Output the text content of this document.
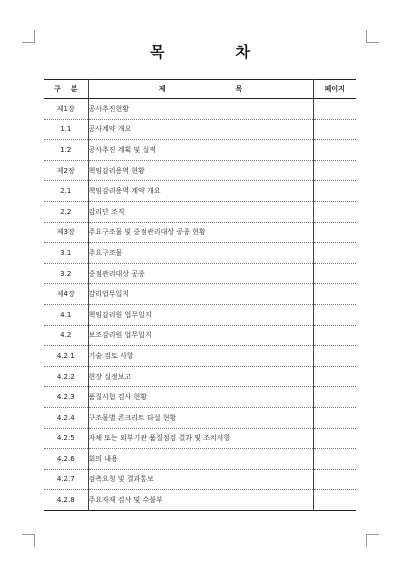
목	차
구 분	제 목	페이지
제1장	공사추진현황	
1.1	공사계약 개요	
1.2	공사추진 계획 및 실적	
제2장	책임감리용역 현황	
2.1	책임감리용역 계약 개요	
2.2	감리단 조직	
제3장	주요구조물 및 중점관리대상 공종 현황	
3.1	주요구조물	
3.2	중점관리대상 공종	
제4장	감리업무일지	
4.1	책임감리원 업무일지	
4.2	보조감리원 업무일지	
4.2.1	기술 검토 사항	
4.2.2	현장 실정보고	
4.2.3	품질시험 검사 현황	
4.2.4	구조물별 콘크리트 타설 현황	
4.2.5	자체 또는 외부기관 품질점검 결과 및 조치사항	
4.2.6	회의 내용	
4.2.7	검측요청 및 결과통보	
4.2.8	주요자재 검사 및 수불부	
